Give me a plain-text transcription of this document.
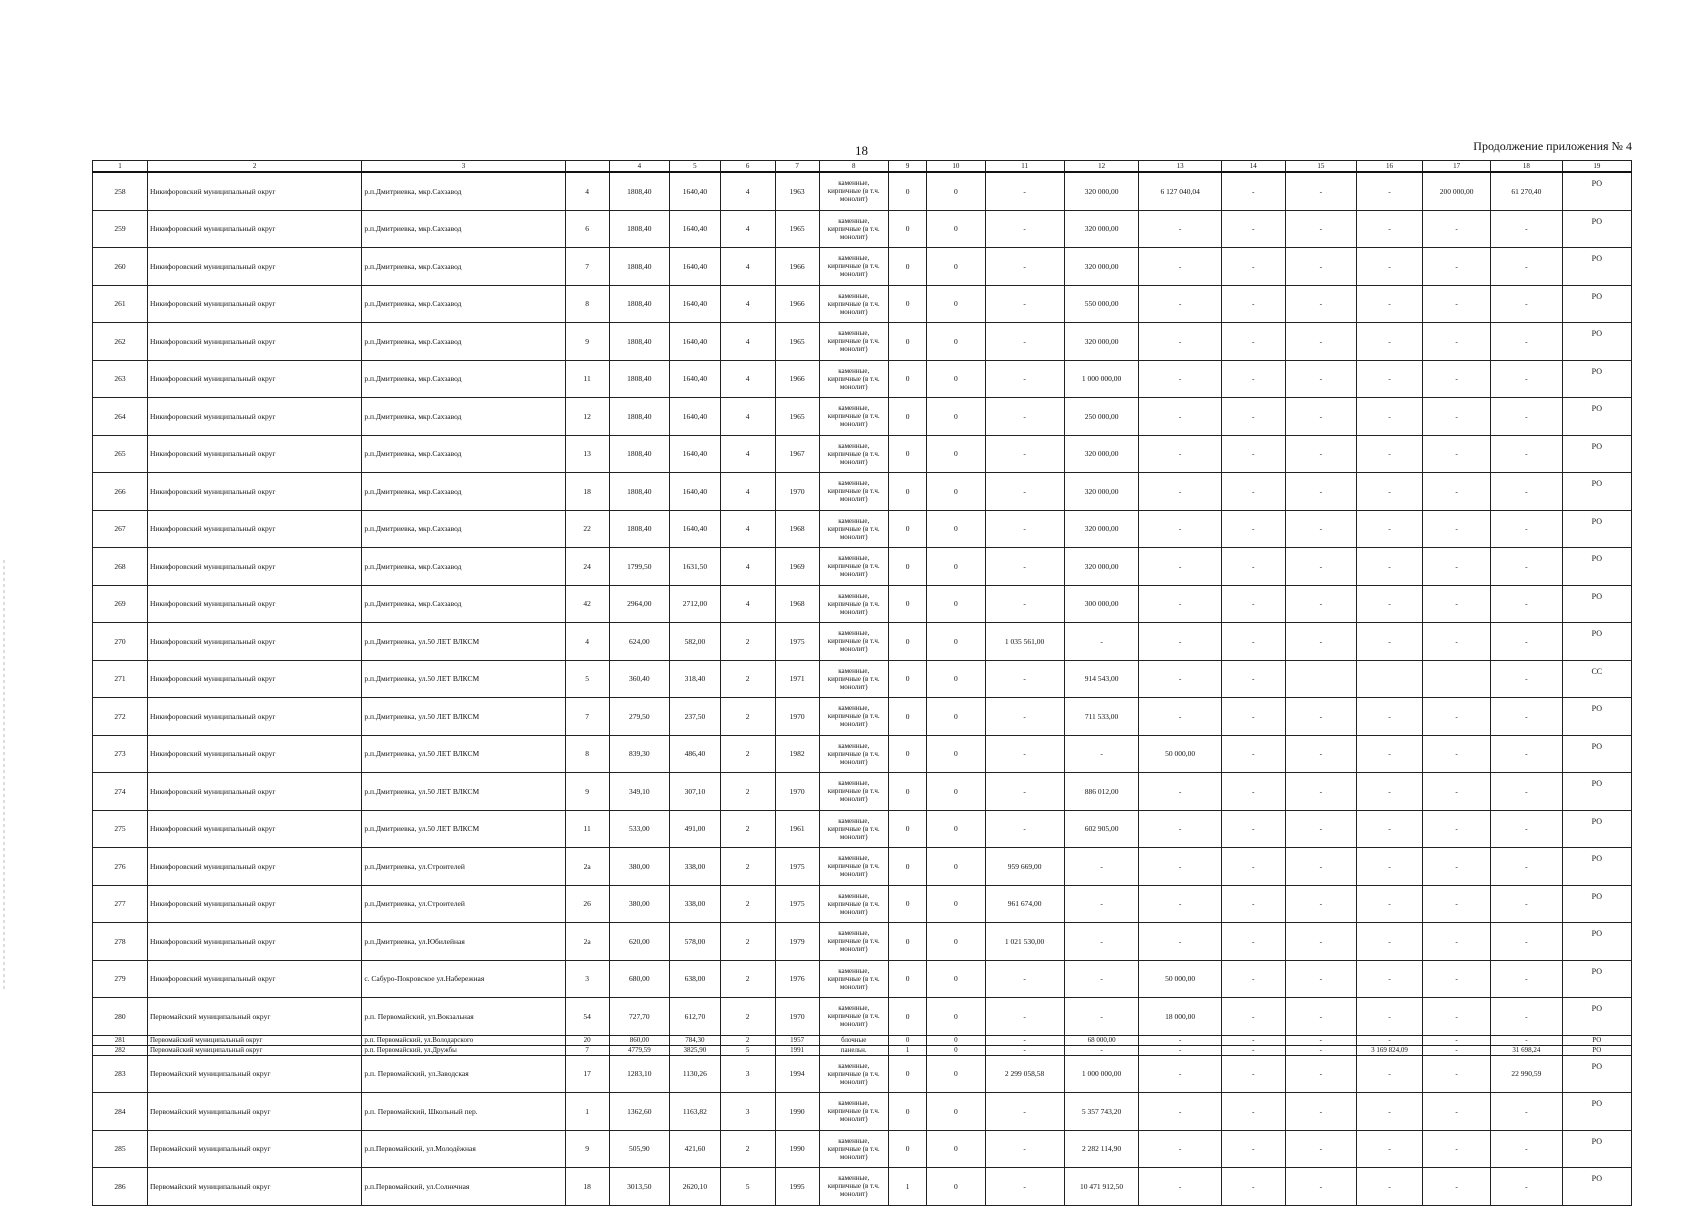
18	Продолжение приложения № 4
1	2	3		4	5	6	7	8	9	10	11	12	13	14	15	16	17	18	19
258	Никифоровский муниципальный округ	р.п.Дмитриевка, мкр.Сахзавод	4	1808,40	1640,40	4	1963	каменные, кирпичные (в т.ч. монолит)	0	0	-	320 000,00	6 127 040,04	-	-	-	200 000,00	61 270,40	РО
259	Никифоровский муниципальный округ	р.п.Дмитриевка, мкр.Сахзавод	6	1808,40	1640,40	4	1965	каменные, кирпичные (в т.ч. монолит)	0	0	-	320 000,00	-	-	-	-	-	-	РО
260	Никифоровский муниципальный округ	р.п.Дмитриевка, мкр.Сахзавод	7	1808,40	1640,40	4	1966	каменные, кирпичные (в т.ч. монолит)	0	0	-	320 000,00	-	-	-	-	-	-	РО
261	Никифоровский муниципальный округ	р.п.Дмитриевка, мкр.Сахзавод	8	1808,40	1640,40	4	1966	каменные, кирпичные (в т.ч. монолит)	0	0	-	550 000,00	-	-	-	-	-	-	РО
262	Никифоровский муниципальный округ	р.п.Дмитриевка, мкр.Сахзавод	9	1808,40	1640,40	4	1965	каменные, кирпичные (в т.ч. монолит)	0	0	-	320 000,00	-	-	-	-	-	-	РО
263	Никифоровский муниципальный округ	р.п.Дмитриевка, мкр.Сахзавод	11	1808,40	1640,40	4	1966	каменные, кирпичные (в т.ч. монолит)	0	0	-	1 000 000,00	-	-	-	-	-	-	РО
264	Никифоровский муниципальный округ	р.п.Дмитриевка, мкр.Сахзавод	12	1808,40	1640,40	4	1965	каменные, кирпичные (в т.ч. монолит)	0	0	-	250 000,00	-	-	-	-	-	-	РО
265	Никифоровский муниципальный округ	р.п.Дмитриевка, мкр.Сахзавод	13	1808,40	1640,40	4	1967	каменные, кирпичные (в т.ч. монолит)	0	0	-	320 000,00	-	-	-	-	-	-	РО
266	Никифоровский муниципальный округ	р.п.Дмитриевка, мкр.Сахзавод	18	1808,40	1640,40	4	1970	каменные, кирпичные (в т.ч. монолит)	0	0	-	320 000,00	-	-	-	-	-	-	РО
267	Никифоровский муниципальный округ	р.п.Дмитриевка, мкр.Сахзавод	22	1808,40	1640,40	4	1968	каменные, кирпичные (в т.ч. монолит)	0	0	-	320 000,00	-	-	-	-	-	-	РО
268	Никифоровский муниципальный округ	р.п.Дмитриевка, мкр.Сахзавод	24	1799,50	1631,50	4	1969	каменные, кирпичные (в т.ч. монолит)	0	0	-	320 000,00	-	-	-	-	-	-	РО
269	Никифоровский муниципальный округ	р.п.Дмитриевка, мкр.Сахзавод	42	2964,00	2712,00	4	1968	каменные, кирпичные (в т.ч. монолит)	0	0	-	300 000,00	-	-	-	-	-	-	РО
270	Никифоровский муниципальный округ	р.п.Дмитриевка, ул.50 ЛЕТ ВЛКСМ	4	624,00	582,00	2	1975	каменные, кирпичные (в т.ч. монолит)	0	0	1 035 561,00	-	-	-	-	-	-	-	РО
271	Никифоровский муниципальный округ	р.п.Дмитриевка, ул.50 ЛЕТ ВЛКСМ	5	360,40	318,40	2	1971	каменные, кирпичные (в т.ч. монолит)	0	0	-	914 543,00	-	-				-	СС
272	Никифоровский муниципальный округ	р.п.Дмитриевка, ул.50 ЛЕТ ВЛКСМ	7	279,50	237,50	2	1970	каменные, кирпичные (в т.ч. монолит)	0	0	-	711 533,00	-	-	-	-	-	-	РО
273	Никифоровский муниципальный округ	р.п.Дмитриевка, ул.50 ЛЕТ ВЛКСМ	8	839,30	486,40	2	1982	каменные, кирпичные (в т.ч. монолит)	0	0	-	-	50 000,00	-	-	-	-	-	РО
274	Никифоровский муниципальный округ	р.п.Дмитриевка, ул.50 ЛЕТ ВЛКСМ	9	349,10	307,10	2	1970	каменные, кирпичные (в т.ч. монолит)	0	0	-	886 012,00	-	-	-	-	-	-	РО
275	Никифоровский муниципальный округ	р.п.Дмитриевка, ул.50 ЛЕТ ВЛКСМ	11	533,00	491,00	2	1961	каменные, кирпичные (в т.ч. монолит)	0	0	-	602 905,00	-	-	-	-	-	-	РО
276	Никифоровский муниципальный округ	р.п.Дмитриевка, ул.Строителей	2а	380,00	338,00	2	1975	каменные, кирпичные (в т.ч. монолит)	0	0	959 669,00	-	-	-	-	-	-	-	РО
277	Никифоровский муниципальный округ	р.п.Дмитриевка, ул.Строителей	26	380,00	338,00	2	1975	каменные, кирпичные (в т.ч. монолит)	0	0	961 674,00	-	-	-	-	-	-	-	РО
278	Никифоровский муниципальный округ	р.п.Дмитриевка, ул.Юбилейная	2а	620,00	578,00	2	1979	каменные, кирпичные (в т.ч. монолит)	0	0	1 021 530,00	-	-	-	-	-	-	-	РО
279	Никифоровский муниципальный округ	с. Сабуро-Покровское ул.Набережная	3	680,00	638,00	2	1976	каменные, кирпичные (в т.ч. монолит)	0	0	-	-	50 000,00	-	-	-	-	-	РО
280	Первомайский муниципальный округ	р.п. Первомайский, ул.Вокзальная	54	727,70	612,70	2	1970	каменные, кирпичные (в т.ч. монолит)	0	0	-	-	18 000,00	-	-	-	-	-	РО
281	Первомайский муниципальный округ	р.п. Первомайский, ул.Володарского	20	860,00	784,30	2	1957	блочные	0	0	-	68 000,00	-	-	-	-	-	-	РО
282	Первомайский муниципальный округ	р.п. Первомайский, ул.Дружбы	7	4779,59	3825,90	5	1991	панельн.	1	0	-	-	-	-	-	3 169 824,09	-	31 698,24	РО
283	Первомайский муниципальный округ	р.п. Первомайский, ул.Заводская	17	1283,10	1130,26	3	1994	каменные, кирпичные (в т.ч. монолит)	0	0	2 299 058,58	1 000 000,00	-	-	-	-	-	22 990,59	РО
284	Первомайский муниципальный округ	р.п. Первомайский, Школьный пер.	1	1362,60	1163,82	3	1990	каменные, кирпичные (в т.ч. монолит)	0	0	-	5 357 743,20	-	-	-	-	-	-	РО
285	Первомайский муниципальный округ	р.п.Первомайский, ул.Молодёжная	9	505,90	421,60	2	1990	каменные, кирпичные (в т.ч. монолит)	0	0	-	2 282 114,90	-	-	-	-	-	-	РО
286	Первомайский муниципальный округ	р.п.Первомайский, ул.Солнечная	18	3013,50	2620,10	5	1995	каменные, кирпичные (в т.ч. монолит)	1	0	-	10 471 912,50	-	-	-	-	-	-	РО
